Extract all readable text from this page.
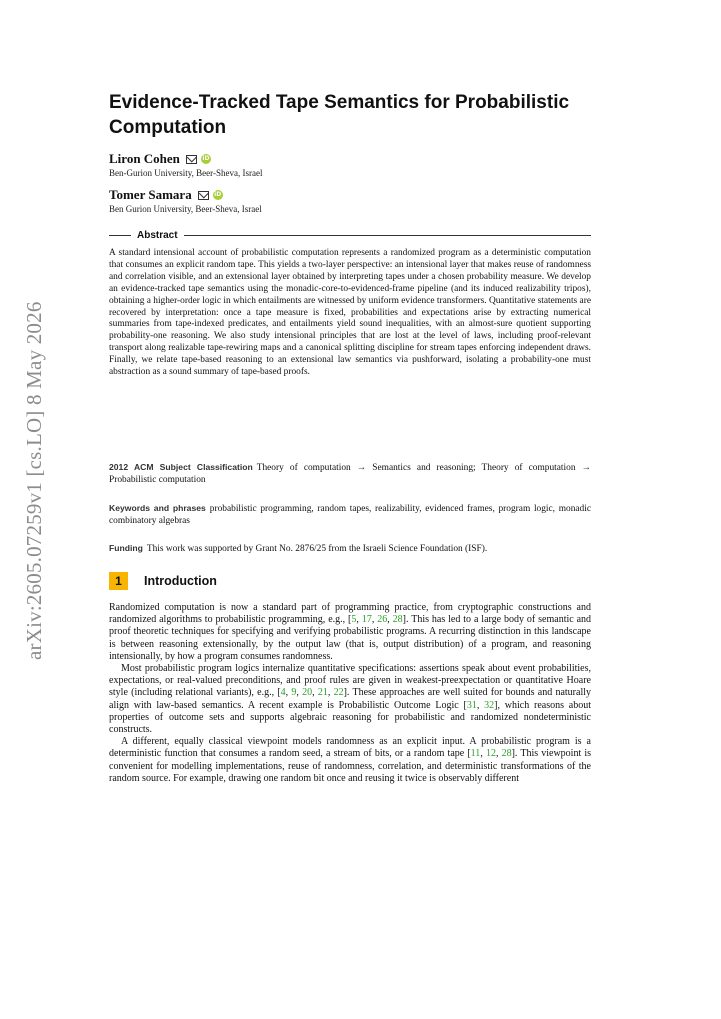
arXiv:2605.07259v1 [cs.LO] 8 May 2026
Evidence-Tracked Tape Semantics for Probabilistic Computation
Liron Cohen	iD
Ben-Gurion University, Beer-Sheva, Israel
Tomer Samara	iD
Ben Gurion University, Beer-Sheva, Israel
Abstract
A standard intensional account of probabilistic computation represents a randomized program as a deterministic computation that consumes an explicit random tape. This yields a two-layer perspective: an intensional layer that makes reuse of randomness and correlation visible, and an extensional layer obtained by interpreting tapes under a chosen probability measure. We develop an evidence-tracked tape semantics using the monadic-core-to-evidenced-frame pipeline (and its induced realizability tripos), obtaining a higher-order logic in which entailments are witnessed by uniform evidence transformers. Quantitative statements are recovered by interpretation: once a tape measure is fixed, probabilities and expectations arise by extracting numerical summaries from tape-indexed predicates, and entailments yield sound inequalities, with an almost-sure quotient supporting probability-one reasoning. We also study intensional principles that are lost at the level of laws, including proof-relevant transport along realizable tape-rewiring maps and a canonical splitting discipline for stream tapes enforcing independent draws. Finally, we relate tape-based reasoning to an extensional law semantics via pushforward, isolating a probability-one must abstraction as a sound summary of tape-based proofs.
2012 ACM Subject Classification Theory of computation → Semantics and reasoning; Theory of computation → Probabilistic computation
Keywords and phrases probabilistic programming, random tapes, realizability, evidenced frames, program logic, monadic combinatory algebras
Funding This work was supported by Grant No. 2876/25 from the Israeli Science Foundation (ISF).
1	Introduction

Randomized computation is now a standard part of programming practice, from cryptographic constructions and randomized algorithms to probabilistic programming, e.g., [5, 17, 26, 28]. This has led to a large body of semantic and proof theoretic techniques for specifying and verifying probabilistic programs. A recurring distinction in this landscape is between reasoning extensionally, by the output law (that is, output distribution) of a program, and reasoning intensionally, by how a program consumes randomness.

Most probabilistic program logics internalize quantitative specifications: assertions speak about event probabilities, expectations, or real-valued preconditions, and proof rules are given in weakest-preexpectation or quantitative Hoare style (including relational variants), e.g., [4, 9, 20, 21, 22]. These approaches are well suited for bounds and naturally align with law-based semantics. A recent example is Probabilistic Outcome Logic [31, 32], which reasons about properties of outcome sets and supports algebraic reasoning for probabilistic and randomized nondeterministic constructs.

A different, equally classical viewpoint models randomness as an explicit input. A probabilistic program is a deterministic function that consumes a random seed, a stream of bits, or a random tape [11, 12, 28]. This viewpoint is convenient for modelling implementations, reuse of randomness, correlation, and deterministic transformations of the random source. For example, drawing one random bit once and reusing it twice is observably different
